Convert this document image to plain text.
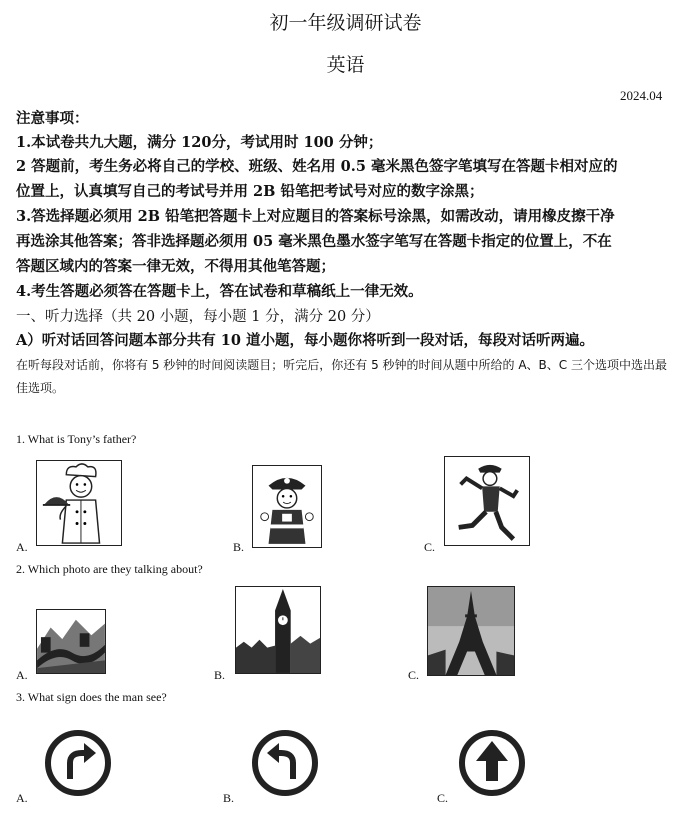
初一年级调研试卷
英语
2024.04
注意事项：
1.本试卷共九大题，满分 120分，考试用时 100 分钟；
2 答题前，考生务必将自己的学校、班级、姓名用 0.5 毫米黑色签字笔填写在答题卡相对应的
位置上，认真填写自己的考试号并用 2B 铅笔把考试号对应的数字涂黑；
3.答选择题必须用 2B 铅笔把答题卡上对应题目的答案标号涂黑，如需改动，请用橡皮擦干净
再选涂其他答案；答非选择题必须用 05 毫米黑色墨水签字笔写在答题卡指定的位置上，不在
答题区域内的答案一律无效，不得用其他笔答题；
4.考生答题必须答在答题卡上，答在试卷和草稿纸上一律无效。
一、听力选择（共 20 小题，每小题 1 分，满分 20 分）
A）听对话回答问题本部分共有 10 道小题，每小题你将听到一段对话，每段对话听两遍。
在听每段对话前，你将有 5 秒钟的时间阅读题目；听完后，你还有 5 秒钟的时间从题中所给的 A、B、C 三个选项中选出最佳选项。
1. What is Tony’s father?
A.	B.	C.
2. Which photo are they talking about?
A.	B.	C.
3. What sign does the man see?
A.	B.	C.
